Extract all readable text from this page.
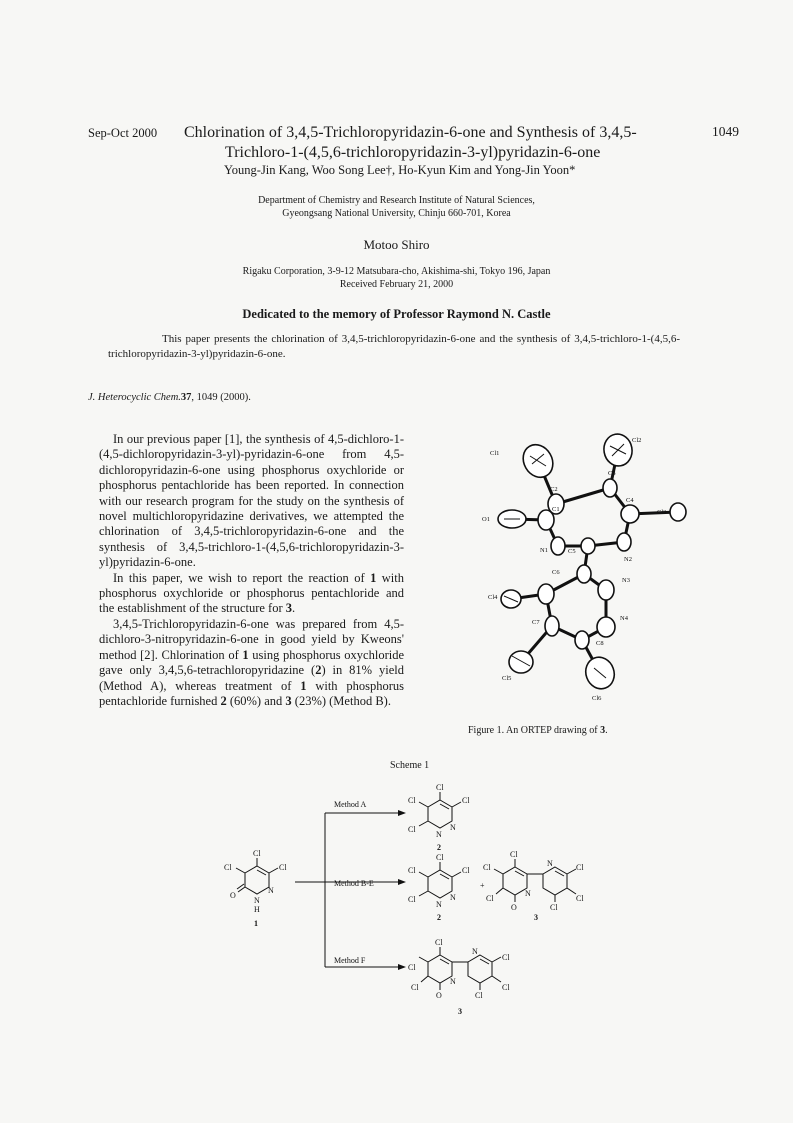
Sep-Oct 2000	1049
Chlorination of 3,4,5-Trichloropyridazin-6-one and Synthesis of 3,4,5-
Trichloro-1-(4,5,6-trichloropyridazin-3-yl)pyridazin-6-one
Young-Jin Kang, Woo Song Lee†, Ho-Kyun Kim and Yong-Jin Yoon*
Department of Chemistry and Research Institute of Natural Sciences,
Gyeongsang National University, Chinju 660-701, Korea
Motoo Shiro
Rigaku Corporation, 3-9-12 Matsubara-cho, Akishima-shi, Tokyo 196, Japan
Received February 21, 2000
Dedicated to the memory of Professor Raymond N. Castle
This paper presents the chlorination of 3,4,5-trichloropyridazin-6-one and the synthesis of 3,4,5-trichloro-1-(4,5,6-trichloropyridazin-3-yl)pyridazin-6-one.
J. Heterocyclic Chem.37, 1049 (2000).

In our previous paper [1], the synthesis of 4,5-dichloro-1-(4,5-dichloropyridazin-3-yl)-pyridazin-6-one from 4,5-dichloropyridazin-6-one using phosphorus oxychloride or phosphorus pentachloride has been reported. In connection with our research program for the study on the synthesis of novel multichloropyridazine derivatives, we attempted the chlorination of 3,4,5-trichloropyridazin-6-one and the synthesis of 3,4,5-trichloro-1-(4,5,6-trichloropyridazin-3-yl)pyridazin-6-one.

In this paper, we wish to report the reaction of 1 with phosphorus oxychloride or phosphorus pentachloride and the establishment of the structure for 3.

3,4,5-Trichloropyridazin-6-one was prepared from 4,5-dichloro-3-nitropyridazin-6-one in good yield by Kweons' method [2]. Chlorination of 1 using phosphorus oxychloride gave only 3,4,5,6-tetrachloropyridazine (2) in 81% yield (Method A), whereas treatment of 1 with phosphorus pentachloride furnished 2 (60%) and 3 (23%) (Method B).

Cl1
C2
C1
O1
N1
C3
Cl2
C4
Cl3
N2
C5
N3
C6
Cl4
C7
N4
C8
Cl5
Cl6
Figure 1. An ORTEP drawing of 3.
Scheme 1
Cl
Cl
Cl
O
N
N
H
1
Method A
Method B-E
Method F
Cl
Cl
Cl
Cl
N
N
2
Cl
Cl
Cl
Cl
N
N
2
+
Cl
Cl
Cl
O
N
N	Cl
Cl
Cl
3
Cl
Cl
Cl
O
N
N
Cl
Cl
Cl
3
